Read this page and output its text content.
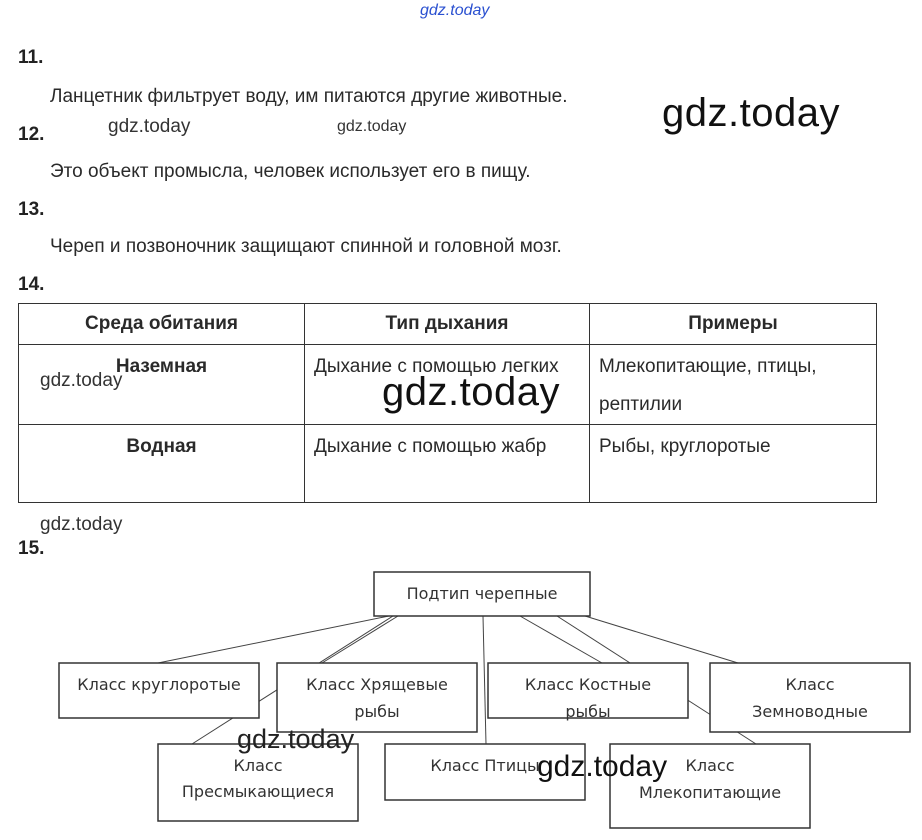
gdz.today
11.
Ланцетник фильтрует воду, им питаются другие животные.
12.	gdz.today	gdz.today	gdz.today
Это объект промысла, человек использует его в пищу.
13.
Череп и позвоночник защищают спинной и головной мозг.
14.
Среда обитания	Тип дыхания	Примеры
Наземная	Дыхание с помощью легких	Млекопитающие, птицы, рептилии
Водная	Дыхание с помощью жабр	Рыбы, круглоротые
gdz.today	gdz.today
gdz.today
15.
Подтип черепные
Класс круглоротые	Класс Хрящевые
рыбы
Класс Костные
рыбы
Класс
Земноводные
Класс
Пресмыкающиеся
Класс Птицы	Класс
Млекопитающие
gdz.today
gdz.today
